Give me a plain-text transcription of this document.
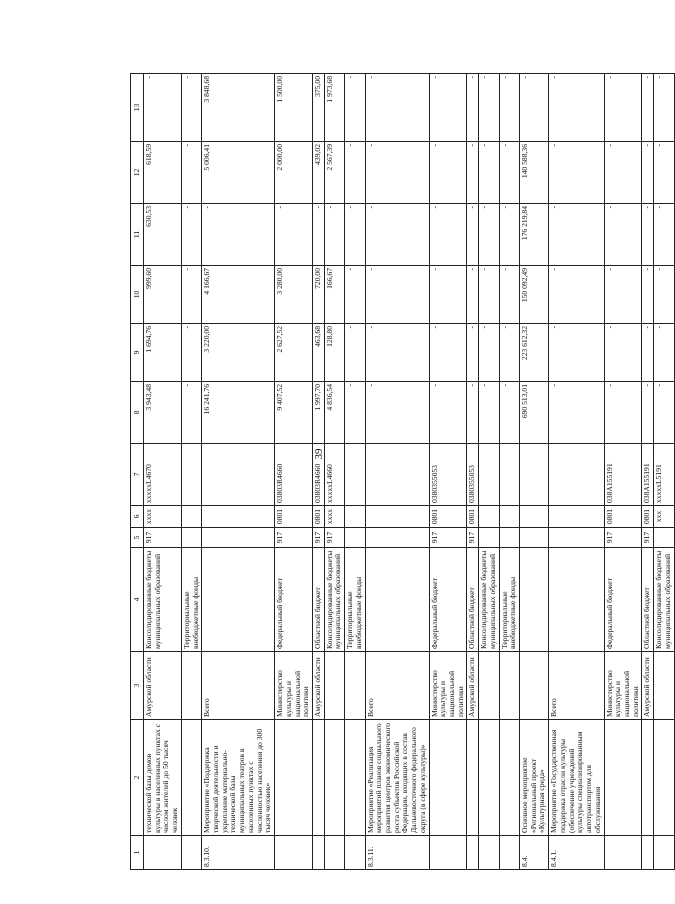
39
1	2	3	4	5	6	7	8	9	10	11	12	13
	технической базы домов культуры в населенных пунктах с числом жителей до 50 тысяч человек	Амурской области	Консолидированные бюджеты муниципальных образований	917	хххх	ххххxL4670	3 943,48	1 694,76	999,60	630,53	618,59	-
			Территориальные внебюджетные фонды				-	-	-	-	-	-
8.3.10.	Мероприятие «Поддержка творческой деятельности и укрепление материально-технической базы муниципальных театров в населенных пунктах с численностью населения до 300 тысяч человек»	Всего					16 241,76	3 220,00	4 166,67	-	5 006,41	3 848,68
		Министерство культуры и национальной политики	Федеральный бюджет	917	0801	03803R4660	9 407,52	2 627,52	3 280,00	-	2 000,00	1 500,00
		Амурской области	Областной бюджет	917	0801	03803R4660	1 997,70	463,68	720,00	-	439,02	375,00
			Консолидированные бюджеты муниципальных образований	917	хххх	ххххxL4660	4 836,54	128,80	166,67	-	2 567,39	1 973,68
			Территориальные внебюджетные фонды				-	-	-	-	-	-
8.3.11.	Мероприятие «Реализация мероприятий планов социального развития центров экономического роста субъектов Российской Федерации, входящих в состав Дальневосточного федерального округа (в сфере культуры)»	Всего					-	-	-	-	-	-
		Министерство культуры и национальной политики	Федеральный бюджет	917	0801	0380355053	-	-	-	-	-	-
		Амурской области	Областной бюджет	917	0801	0380355053	-	-	-	-	-	-
			Консолидированные бюджеты муниципальных образований				-	-	-	-	-	-
			Территориальные внебюджетные фонды				-	-	-	-	-	-
8.4.	Основное мероприятие «Региональный проект «Культурная среда»						690 513,01	223 612,32	150 092,49	176 219,84	140 588,36	-
8.4.1.	Мероприятие «Государственная поддержка отрасли культуры (обеспечение учреждений культуры специализированным автотранспортом для обслуживания	Всего					-	-	-	-	-	-
		Министерство культуры и национальной политики	Федеральный бюджет	917	0801	038A155191	-	-	-	-	-	-
		Амурской области	Областной бюджет	917	0801	038A155191	-	-	-	-	-	-
			Консолидированные бюджеты муниципальных образований		ххх	хххххL5191	-	-	-	-	-	-
